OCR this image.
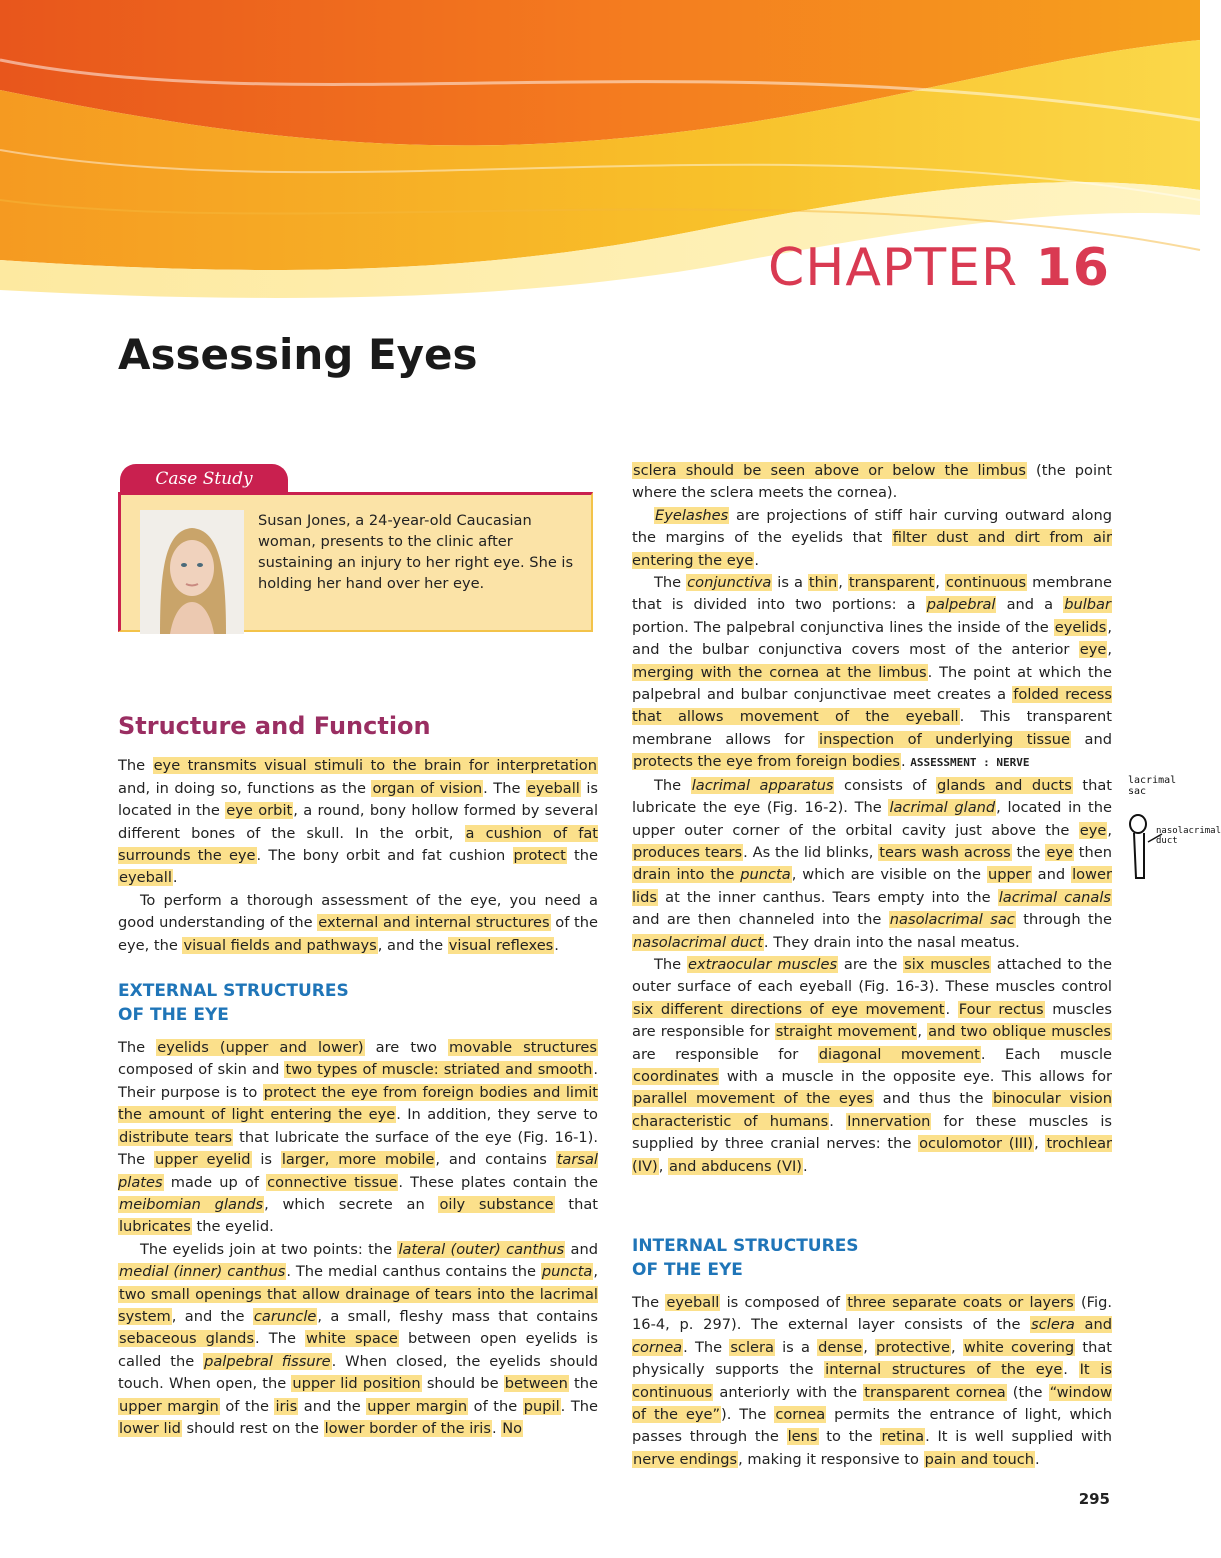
CHAPTER 16
Assessing Eyes
Case Study
Susan Jones, a 24-year-old Caucasian woman, presents to the clinic after sustaining an injury to her right eye. She is holding her hand over her eye.
Structure and Function

The eye transmits visual stimuli to the brain for interpretation and, in doing so, functions as the organ of vision. The eyeball is located in the eye orbit, a round, bony hollow formed by several different bones of the skull. In the orbit, a cushion of fat surrounds the eye. The bony orbit and fat cushion protect the eyeball.

To perform a thorough assessment of the eye, you need a good understanding of the external and internal structures of the eye, the visual fields and pathways, and the visual reflexes.

EXTERNAL STRUCTURES
OF THE EYE

The eyelids (upper and lower) are two movable structures composed of skin and two types of muscle: striated and smooth. Their purpose is to protect the eye from foreign bodies and limit the amount of light entering the eye. In addition, they serve to distribute tears that lubricate the surface of the eye (Fig. 16-1). The upper eyelid is larger, more mobile, and contains tarsal plates made up of connective tissue. These plates contain the meibomian glands, which secrete an oily substance that lubricates the eyelid.

The eyelids join at two points: the lateral (outer) canthus and medial (inner) canthus. The medial canthus contains the puncta, two small openings that allow drainage of tears into the lacrimal system, and the caruncle, a small, fleshy mass that contains sebaceous glands. The white space between open eyelids is called the palpebral fissure. When closed, the eyelids should touch. When open, the upper lid position should be between the upper margin of the iris and the upper margin of the pupil. The lower lid should rest on the lower border of the iris. No

sclera should be seen above or below the limbus (the point where the sclera meets the cornea).

Eyelashes are projections of stiff hair curving outward along the margins of the eyelids that filter dust and dirt from air entering the eye.

The conjunctiva is a thin, transparent, continuous membrane that is divided into two portions: a palpebral and a bulbar portion. The palpebral conjunctiva lines the inside of the eyelids, and the bulbar conjunctiva covers most of the anterior eye, merging with the cornea at the limbus. The point at which the palpebral and bulbar conjunctivae meet creates a folded recess that allows movement of the eyeball. This transparent membrane allows for inspection of underlying tissue and protects the eye from foreign bodies. ASSESSMENT : NERVE

The lacrimal apparatus consists of glands and ducts that lubricate the eye (Fig. 16-2). The lacrimal gland, located in the upper outer corner of the orbital cavity just above the eye, produces tears. As the lid blinks, tears wash across the eye then drain into the puncta, which are visible on the upper and lower lids at the inner canthus. Tears empty into the lacrimal canals and are then channeled into the nasolacrimal sac through the nasolacrimal duct. They drain into the nasal meatus.

The extraocular muscles are the six muscles attached to the outer surface of each eyeball (Fig. 16-3). These muscles control six different directions of eye movement. Four rectus muscles are responsible for straight movement, and two oblique muscles are responsible for diagonal movement. Each muscle coordinates with a muscle in the opposite eye. This allows for parallel movement of the eyes and thus the binocular vision characteristic of humans. Innervation for these muscles is supplied by three cranial nerves: the oculomotor (III), trochlear (IV), and abducens (VI).

INTERNAL STRUCTURES
OF THE EYE

The eyeball is composed of three separate coats or layers (Fig. 16-4, p. 297). The external layer consists of the sclera and cornea. The sclera is a dense, protective, white covering that physically supports the internal structures of the eye. It is continuous anteriorly with the transparent cornea (the “window of the eye”). The cornea permits the entrance of light, which passes through the lens to the retina. It is well supplied with nerve endings, making it responsive to pain and touch.

lacrimal sac
nasolacrimal duct
295
